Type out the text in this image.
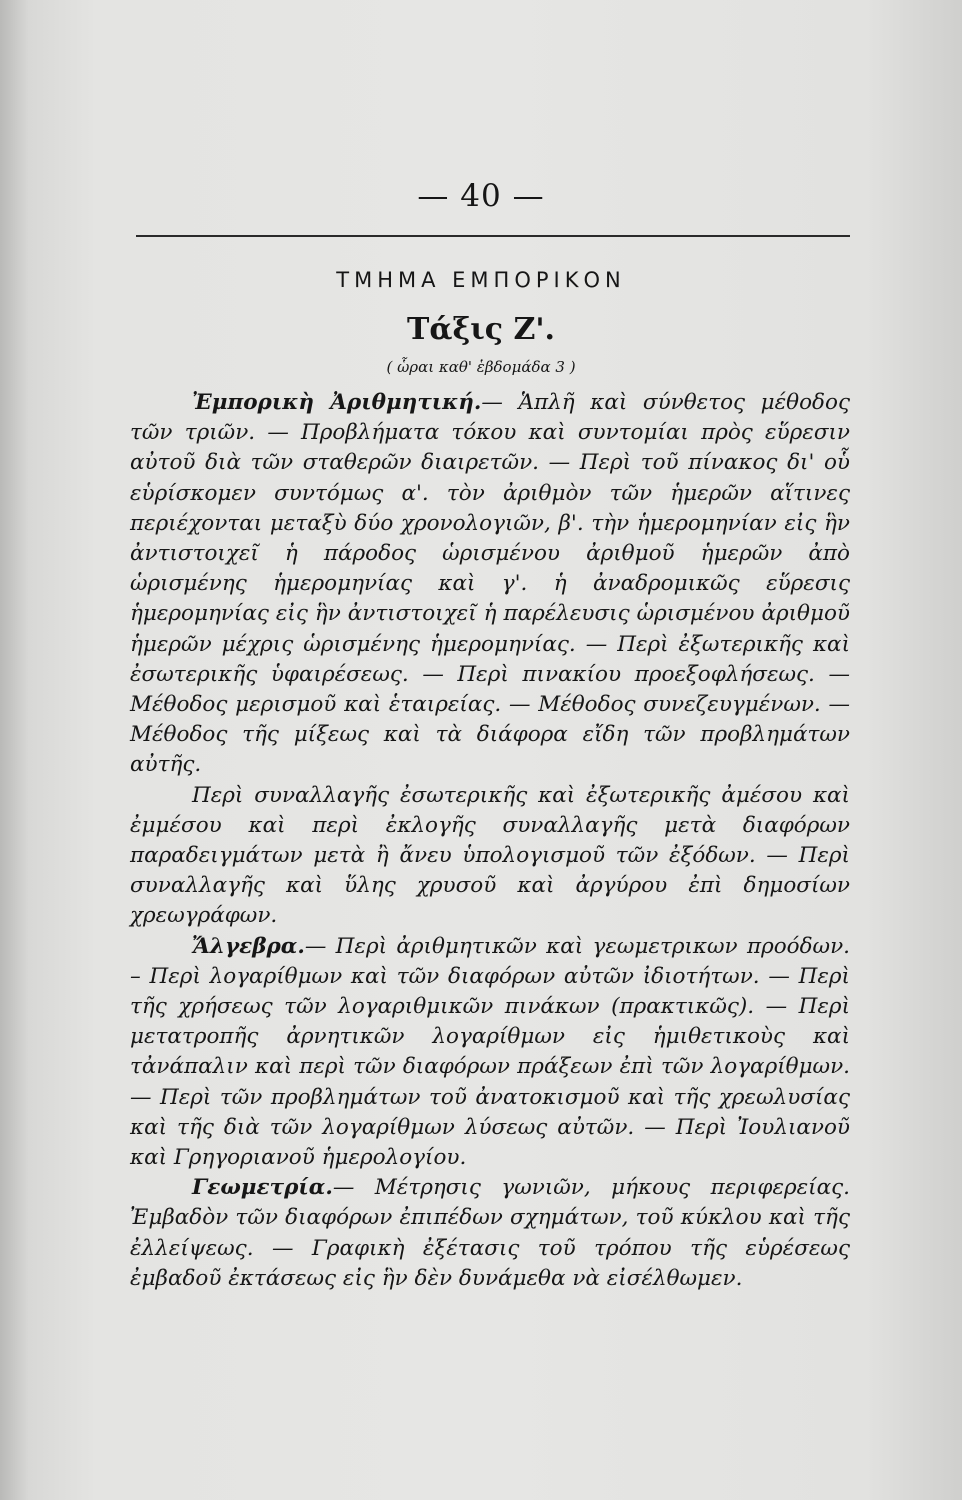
— 40 —
ΤΜΗΜΑ ΕΜΠΟΡΙΚΟΝ
Τάξις Ζ'.
( ὧραι καθ' ἑβδομάδα 3 )

Ἐμπορικὴ Ἀριθμητική.— Ἁπλῆ καὶ σύνθετος μέθοδος τῶν τριῶν. — Προβλήματα τόκου καὶ συντομίαι πρὸς εὕρεσιν αὐτοῦ διὰ τῶν σταθερῶν διαιρετῶν. — Περὶ τοῦ πίνακος δι' οὗ εὑρίσκομεν συντόμως α'. τὸν ἀριθμὸν τῶν ἡμερῶν αἵτινες περιέχονται μεταξὺ δύο χρονολογιῶν, β'. τὴν ἡμερομηνίαν εἰς ἣν ἀντιστοιχεῖ ἡ πάροδος ὡρισμένου ἀριθμοῦ ἡμερῶν ἀπὸ ὡρισμένης ἡμερομηνίας καὶ γ'. ἡ ἀναδρομικῶς εὕρεσις ἡμερομηνίας εἰς ἣν ἀντιστοιχεῖ ἡ παρέλευσις ὡρισμένου ἀριθμοῦ ἡμερῶν μέχρις ὡρισμένης ἡμερομηνίας. — Περὶ ἐξωτερικῆς καὶ ἐσωτερικῆς ὑφαιρέσεως. — Περὶ πινακίου προεξοφλήσεως. — Μέθοδος μερισμοῦ καὶ ἑταιρείας. — Μέθοδος συνεζευγμένων. — Μέθοδος τῆς μίξεως καὶ τὰ διάφορα εἴδη τῶν προβλημάτων αὐτῆς.

Περὶ συναλλαγῆς ἐσωτερικῆς καὶ ἐξωτερικῆς ἀμέσου καὶ ἐμμέσου καὶ περὶ ἐκλογῆς συναλλαγῆς μετὰ διαφόρων παραδειγμάτων μετὰ ἢ ἄνευ ὑπολογισμοῦ τῶν ἐξόδων. — Περὶ συναλλαγῆς καὶ ὕλης χρυσοῦ καὶ ἀργύρου ἐπὶ δημοσίων χρεωγράφων.

Ἄλγεβρα.— Περὶ ἀριθμητικῶν καὶ γεωμετρικων προόδων. – Περὶ λογαρίθμων καὶ τῶν διαφόρων αὐτῶν ἰδιοτήτων. — Περὶ τῆς χρήσεως τῶν λογαριθμικῶν πινάκων (πρακτικῶς). — Περὶ μετατροπῆς ἀρνητικῶν λογαρίθμων εἰς ἡμιθετικοὺς καὶ τἀνάπαλιν καὶ περὶ τῶν διαφόρων πράξεων ἐπὶ τῶν λογαρίθμων. — Περὶ τῶν προβλημάτων τοῦ ἀνατοκισμοῦ καὶ τῆς χρεωλυσίας καὶ τῆς διὰ τῶν λογαρίθμων λύσεως αὐτῶν. — Περὶ Ἰουλιανοῦ καὶ Γρηγοριανοῦ ἡμερολογίου.

Γεωμετρία.— Μέτρησις γωνιῶν, μήκους περιφερείας. Ἐμβαδὸν τῶν διαφόρων ἐπιπέδων σχημάτων, τοῦ κύκλου καὶ τῆς ἐλλείψεως. — Γραφικὴ ἐξέτασις τοῦ τρόπου τῆς εὑρέσεως ἐμβαδοῦ ἐκτάσεως εἰς ἣν δὲν δυνάμεθα νὰ εἰσέλθωμεν.
